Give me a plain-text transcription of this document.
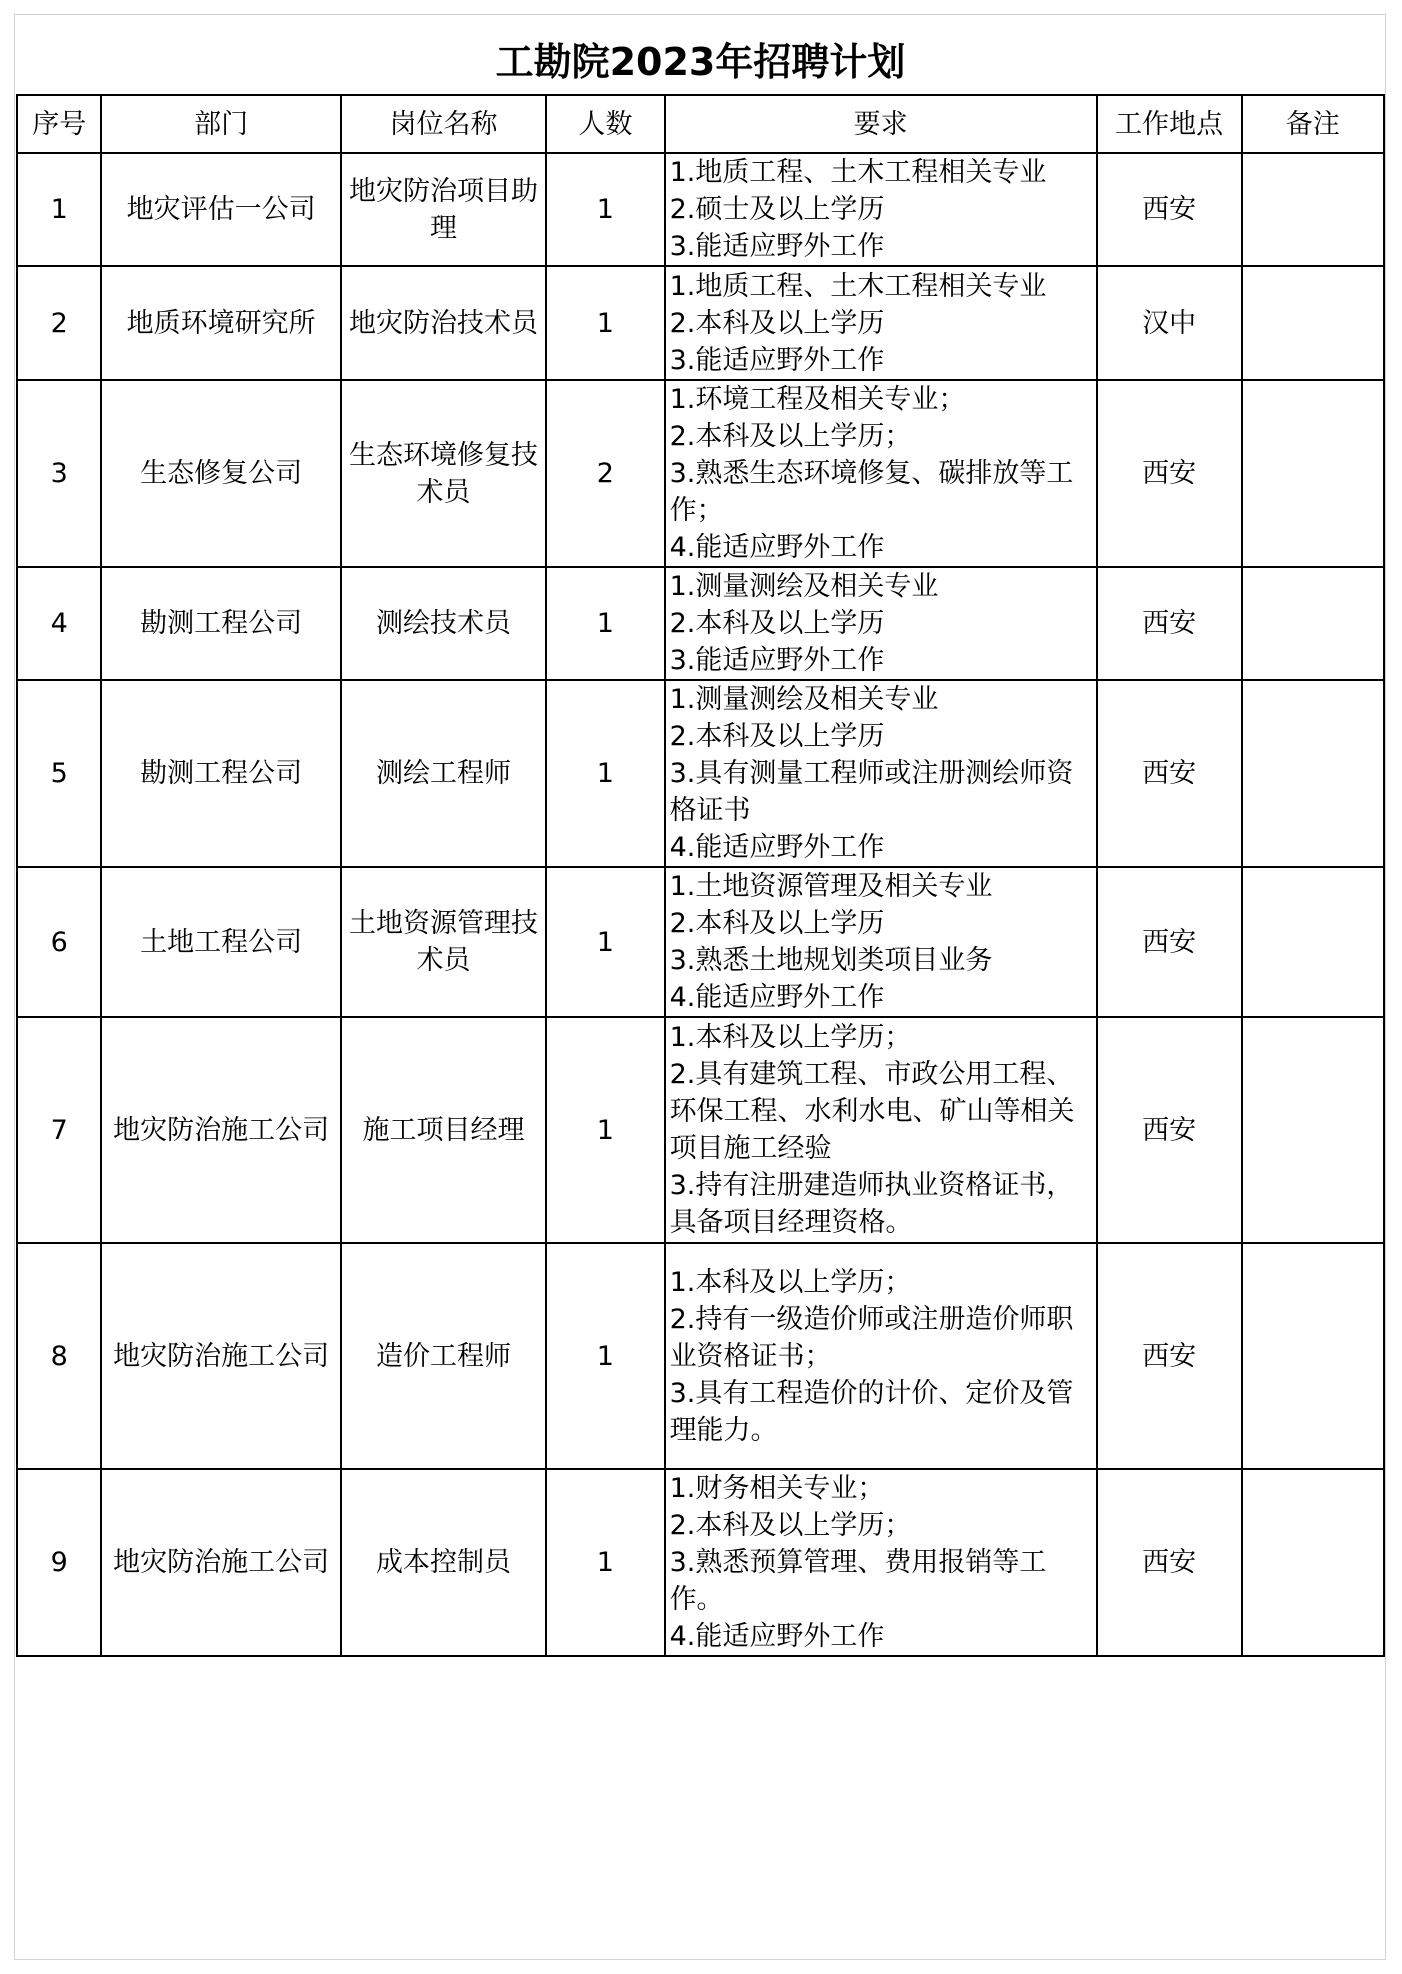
工勘院2023年招聘计划						
序号	部门	岗位名称	人数	要求	工作地点	备注
1	地灾评估一公司	地灾防治项目助理	1	1.地质工程、土木工程相关专业
2.硕士及以上学历
3.能适应野外工作	西安	
2	地质环境研究所	地灾防治技术员	1	1.地质工程、土木工程相关专业
2.本科及以上学历
3.能适应野外工作	汉中	
3	生态修复公司	生态环境修复技术员	2	1.环境工程及相关专业；
2.本科及以上学历；
3.熟悉生态环境修复、碳排放等工作；
4.能适应野外工作	西安	
4	勘测工程公司	测绘技术员	1	1.测量测绘及相关专业
2.本科及以上学历
3.能适应野外工作	西安	
5	勘测工程公司	测绘工程师	1	1.测量测绘及相关专业
2.本科及以上学历
3.具有测量工程师或注册测绘师资格证书
4.能适应野外工作	西安	
6	土地工程公司	土地资源管理技术员	1	1.土地资源管理及相关专业
2.本科及以上学历
3.熟悉土地规划类项目业务
4.能适应野外工作	西安	
7	地灾防治施工公司	施工项目经理	1	1.本科及以上学历；
2.具有建筑工程、市政公用工程、环保工程、水利水电、矿山等相关项目施工经验
3.持有注册建造师执业资格证书，具备项目经理资格。	西安	
8	地灾防治施工公司	造价工程师	1	1.本科及以上学历；
2.持有一级造价师或注册造价师职业资格证书；
3.具有工程造价的计价、定价及管理能力。	西安	
9	地灾防治施工公司	成本控制员	1	1.财务相关专业；
2.本科及以上学历；
3.熟悉预算管理、费用报销等工作。
4.能适应野外工作	西安	
